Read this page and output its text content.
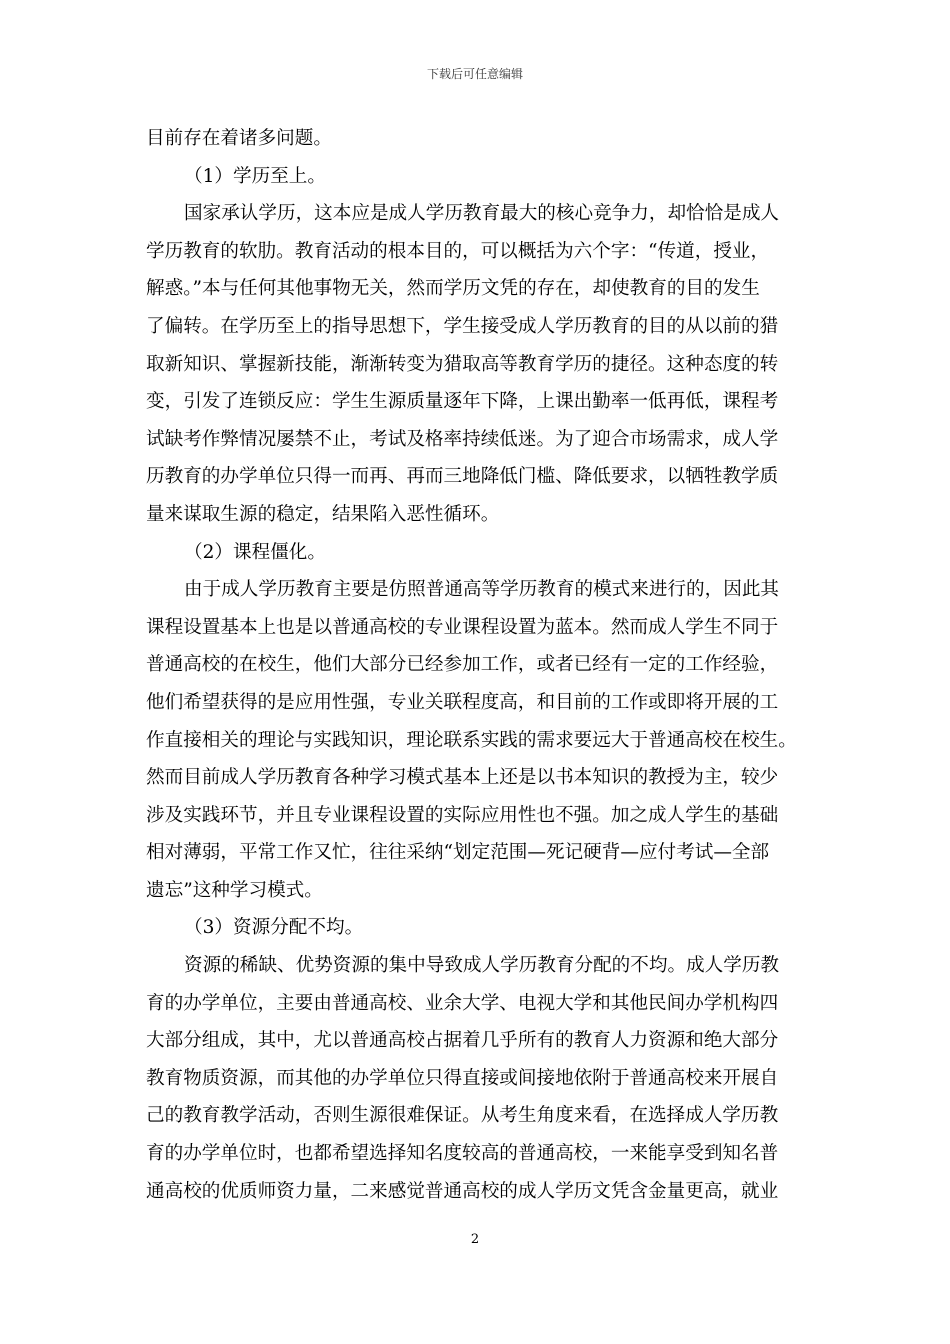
下载后可任意编辑
目前存在着诸多问题。
（1）学历至上。
国家承认学历，这本应是成人学历教育最大的核心竞争力，却恰恰是成人
学历教育的软肋。教育活动的根本目的，可以概括为六个字：“传道，授业，
解惑。”本与任何其他事物无关，然而学历文凭的存在，却使教育的目的发生
了偏转。在学历至上的指导思想下，学生接受成人学历教育的目的从以前的猎
取新知识、掌握新技能，渐渐转变为猎取高等教育学历的捷径。这种态度的转
变，引发了连锁反应：学生生源质量逐年下降，上课出勤率一低再低，课程考
试缺考作弊情况屡禁不止，考试及格率持续低迷。为了迎合市场需求，成人学
历教育的办学单位只得一而再、再而三地降低门槛、降低要求，以牺牲教学质
量来谋取生源的稳定，结果陷入恶性循环。
（2）课程僵化。
由于成人学历教育主要是仿照普通高等学历教育的模式来进行的，因此其
课程设置基本上也是以普通高校的专业课程设置为蓝本。然而成人学生不同于
普通高校的在校生，他们大部分已经参加工作，或者已经有一定的工作经验，
他们希望获得的是应用性强，专业关联程度高，和目前的工作或即将开展的工
作直接相关的理论与实践知识，理论联系实践的需求要远大于普通高校在校生。
然而目前成人学历教育各种学习模式基本上还是以书本知识的教授为主，较少
涉及实践环节，并且专业课程设置的实际应用性也不强。加之成人学生的基础
相对薄弱，平常工作又忙，往往采纳“划定范围—死记硬背—应付考试—全部
遗忘”这种学习模式。
（3）资源分配不均。
资源的稀缺、优势资源的集中导致成人学历教育分配的不均。成人学历教
育的办学单位，主要由普通高校、业余大学、电视大学和其他民间办学机构四
大部分组成，其中，尤以普通高校占据着几乎所有的教育人力资源和绝大部分
教育物质资源，而其他的办学单位只得直接或间接地依附于普通高校来开展自
己的教育教学活动，否则生源很难保证。从考生角度来看，在选择成人学历教
育的办学单位时，也都希望选择知名度较高的普通高校，一来能享受到知名普
通高校的优质师资力量，二来感觉普通高校的成人学历文凭含金量更高，就业
2
